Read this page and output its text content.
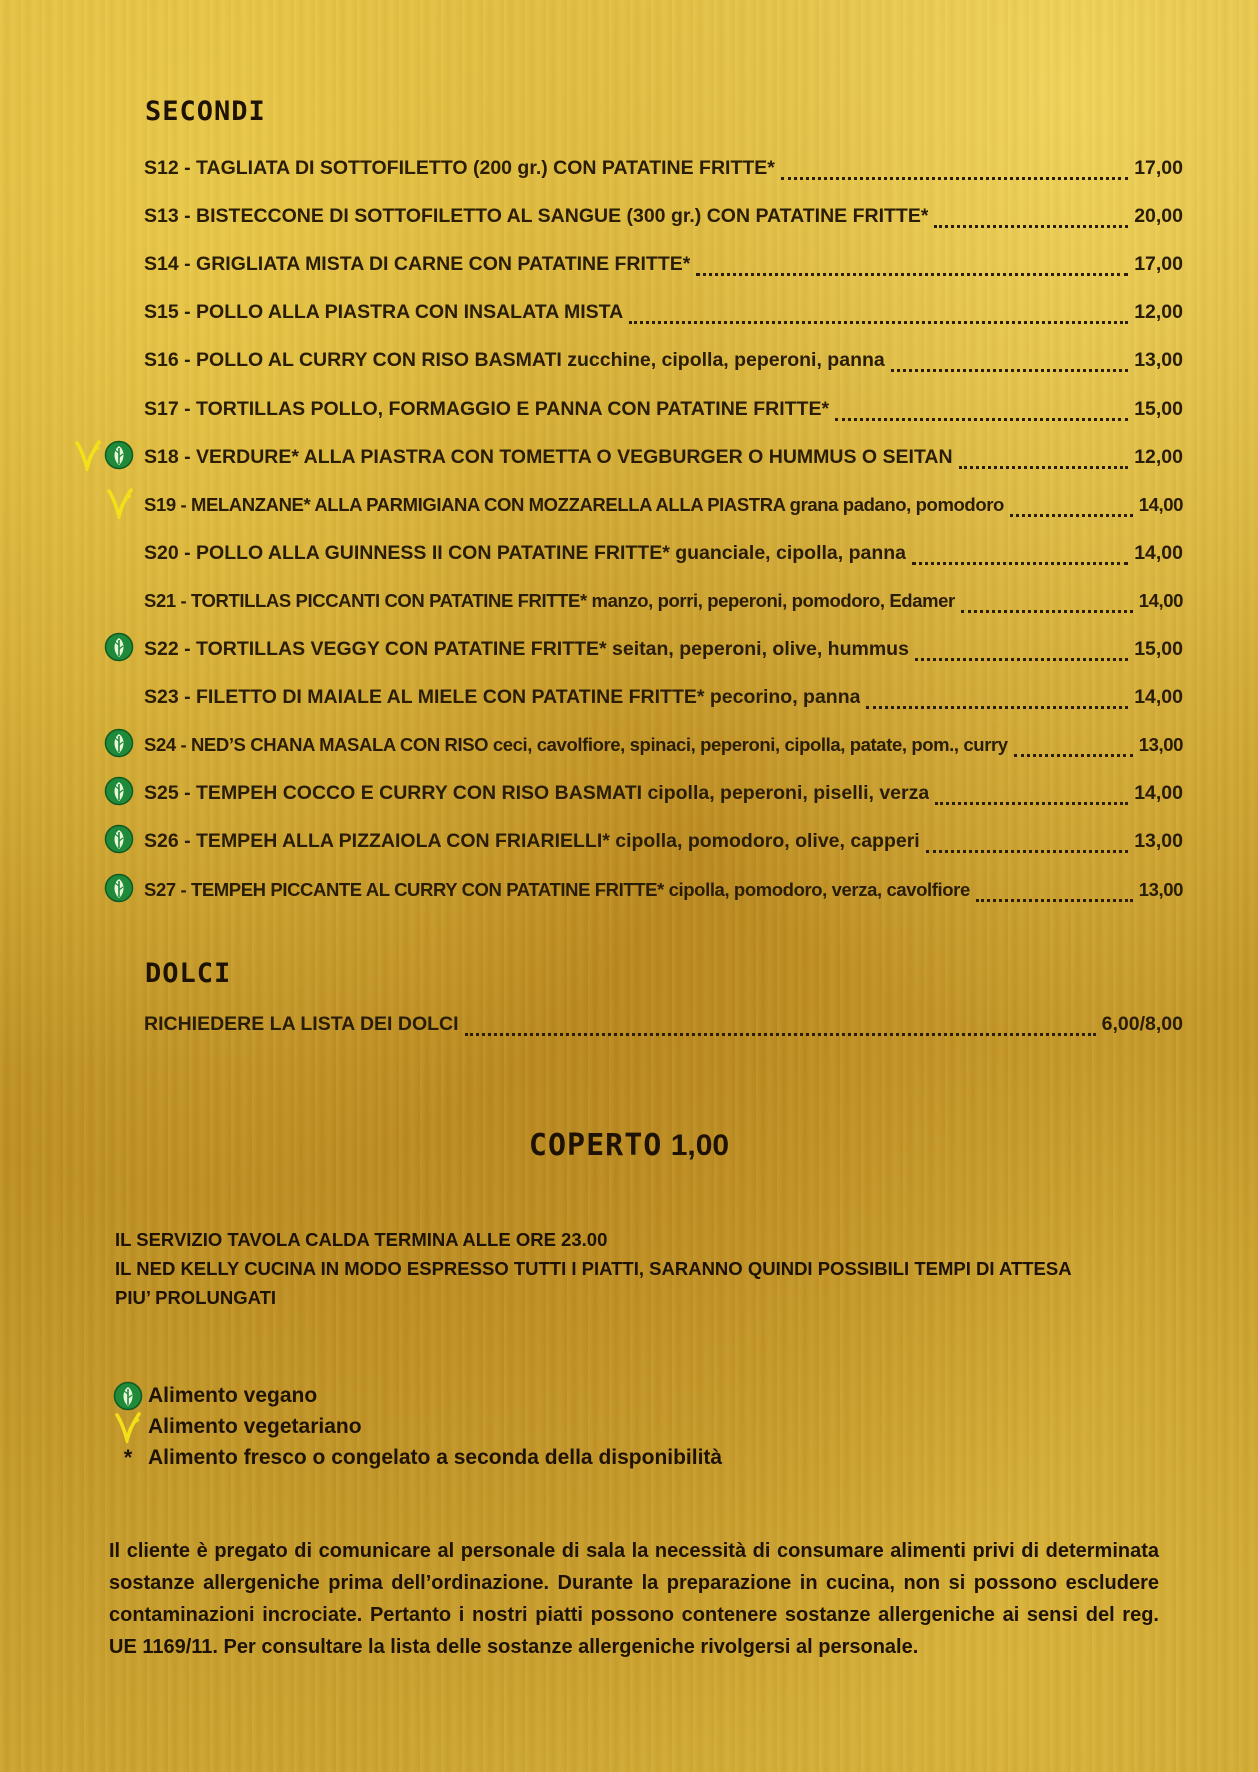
SECONDI
S12 - TAGLIATA DI SOTTOFILETTO (200 gr.) CON PATATINE FRITTE*	17,00
S13 - BISTECCONE DI SOTTOFILETTO AL SANGUE (300 gr.) CON PATATINE FRITTE*	20,00
S14 - GRIGLIATA MISTA DI CARNE CON PATATINE FRITTE*	17,00
S15 - POLLO ALLA PIASTRA CON INSALATA MISTA	12,00
S16 - POLLO AL CURRY CON RISO BASMATI zucchine, cipolla, peperoni, panna	13,00
S17 - TORTILLAS POLLO, FORMAGGIO E PANNA CON PATATINE FRITTE*	15,00
S18 - VERDURE* ALLA PIASTRA CON TOMETTA O VEGBURGER O HUMMUS O SEITAN	12,00
S19 - MELANZANE* ALLA PARMIGIANA CON MOZZARELLA ALLA PIASTRA grana padano, pomodoro	14,00
S20 - POLLO ALLA GUINNESS II CON PATATINE FRITTE* guanciale, cipolla, panna	14,00
S21 - TORTILLAS PICCANTI CON PATATINE FRITTE* manzo, porri, peperoni, pomodoro, Edamer	14,00
S22 - TORTILLAS VEGGY CON PATATINE FRITTE* seitan, peperoni, olive, hummus	15,00
S23 - FILETTO DI MAIALE AL MIELE CON PATATINE FRITTE* pecorino, panna	14,00
S24 - NED’S CHANA MASALA CON RISO ceci, cavolfiore, spinaci, peperoni, cipolla, patate, pom., curry	13,00
S25 - TEMPEH COCCO E CURRY CON RISO BASMATI cipolla, peperoni, piselli, verza	14,00
S26 - TEMPEH ALLA PIZZAIOLA CON FRIARIELLI* cipolla, pomodoro, olive, capperi	13,00
S27 - TEMPEH PICCANTE AL CURRY CON PATATINE FRITTE* cipolla, pomodoro, verza, cavolfiore	13,00
DOLCI
RICHIEDERE LA LISTA DEI DOLCI	6,00/8,00
COPERTO 1,00
IL SERVIZIO TAVOLA CALDA TERMINA ALLE ORE 23.00
IL NED KELLY CUCINA IN MODO ESPRESSO TUTTI I PIATTI, SARANNO QUINDI POSSIBILI TEMPI DI ATTESA
PIU’ PROLUNGATI
Alimento vegano
Alimento vegetariano
* Alimento fresco o congelato a seconda della disponibilità
Il cliente è pregato di comunicare al personale di sala la necessità di consumare alimenti privi di determinata sostanze allergeniche prima dell’ordinazione. Durante la preparazione in cucina, non si possono escludere contaminazioni incrociate. Pertanto i nostri piatti possono contenere sostanze allergeniche ai sensi del reg. UE 1169/11. Per consultare la lista delle sostanze allergeniche rivolgersi al personale.
